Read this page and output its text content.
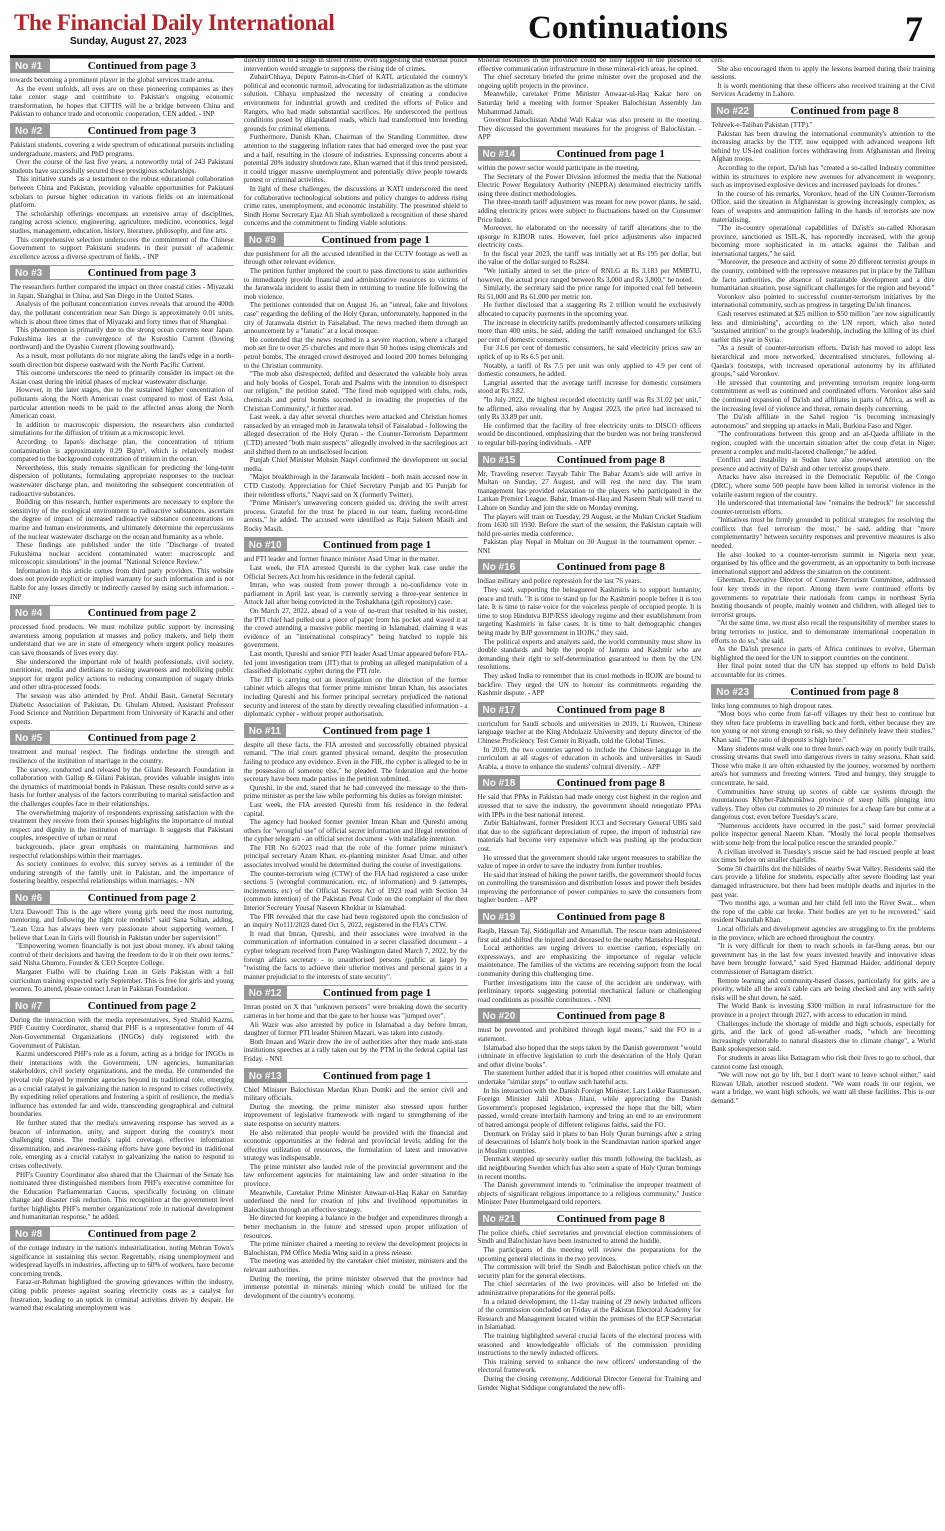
The Financial Daily International
Sunday, August 27, 2023	Continuations	7
No #1	Continued from page 3

towards becoming a prominent player in the global services trade arena.

As the event unfolds, all eyes are on these pioneering companies as they take center stage and contribute to Pakistan's ongoing economic transformation, he hopes that CIFTIS will be a bridge between China and Pakistan to enhance trade and economic cooperation, CEN added. - INP

No #2	Continued from page 3

Pakistani students, covering a wide spectrum of educational pursuits including undergraduate, masters, and PhD programs.

Over the course of the last five years, a noteworthy total of 243 Pakistani students have successfully secured these prestigious scholarships.

This initiative stands as a testament to the robust educational collaboration between China and Pakistan, providing valuable opportunities for Pakistani scholars to pursue higher education in various fields on an international platform.

The scholarship offerings encompass an extensive array of disciplines, ranging across science, engineering, agriculture, medicine, economics, legal studies, management, education, history, literature, philosophy, and fine arts.

This comprehensive selection underscores the commitment of the Chinese Government to support Pakistani students in their pursuit of academic excellence across a diverse spectrum of fields. - INP

No #3	Continued from page 3

The researchers further compared the impact on three coastal cities - Miyazaki in Japan, Shanghai in China, and San Diego in the United States.

Analysis of the pollutant concentration curves reveals that around the 400th day, the pollutant concentration near San Diego is approximately 0.01 units, which is about three times that of Miyazaki and forty times that of Shanghai.

This phenomenon is primarily due to the strong ocean currents near Japan. Fukushima lies at the convergence of the Kuroshio Current (flowing northward) and the Oyashio Current (flowing southward).

As a result, most pollutants do not migrate along the land's edge in a north-south direction but disperse eastward with the North Pacific Current.

This outcome underscores the need to primarily consider its impact on the Asian coast during the initial phases of nuclear wastewater discharge.

However, in the later stages, due to the sustained higher concentration of pollutants along the North American coast compared to most of East Asia, particular attention needs to be paid to the affected areas along the North American coast.

In addition to macroscopic dispersion, the researchers also conducted simulations for the diffusion of tritium at a microscopic level.

According to Japan's discharge plan, the concentration of tritium contamination is approximately 0.29 Bq/m³, which is relatively modest compared to the background concentration of tritium in the ocean.

Nevertheless, this study remains significant for predicting the long-term dispersion of pollutants, formulating appropriate responses to the nuclear wastewater discharge plan, and monitoring the subsequent concentration of radioactive substances.

Building on this research, further experiments are necessary to explore the sensitivity of the ecological environment to radioactive substances, ascertain the degree of impact of increased radioactive substance concentrations on marine and human environments, and ultimately determine the repercussions of the nuclear wastewater discharge on the ocean and humanity as a whole.

These findings are published under the title "Discharge of treated Fukushima nuclear accident contaminated water: macroscopic and microscopic simulations" in the journal "National Science Review."

Information in this article comes from third party providers. This website does not provide explicit or implied warranty for such information and is not liable for any losses directly or indirectly caused by using such information. - INP

No #4	Continued from page 2

processed food products. We must mobilize public support by increasing awareness among population at masses and policy makers, and help them understand that we are in state of emergency where urgent policy measures can save thousands of lives every day.

She underscored the important role of health professionals, civil society, nutritionist, media and dietitians to raising awareness and mobilizing public support for urgent policy actions to reducing consumption of sugary drinks and other ultra-processed foods.

The session was also attended by Prof. Abdul Basit, General Secretary Diabetic Association of Pakistan, Dr. Ghulam Ahmed, Assistant Professor Food Science and Nutrition Department from University of Karachi and other experts.

No #5	Continued from page 2

treatment and mutual respect. The findings underline the strength and resilience of the institution of marriage in the country.

The survey, conducted and released by the Gilani Research Foundation in collaboration with Gallup & Gilani Pakistan, provides valuable insights into the dynamics of matrimonial bonds in Pakistan. These results could serve as a basis for further analysis of the factors contributing to marital satisfaction and the challenges couples face in their relationships.

The overwhelming majority of respondents expressing satisfaction with the treatment they receive from their spouses highlights the importance of mutual respect and dignity in the institution of marriage. It suggests that Pakistani couples, irrespective of urban or rural

backgrounds, place great emphasis on maintaining harmonious and respectful relationships within their marriages.

As society continues to evolve, this survey serves as a reminder of the enduring strength of the family unit in Pakistan, and the importance of fostering healthy, respectful relationships within marriages. - NN

No #6	Continued from page 2

Uzra Dawood! This is the age where young girls need the most nurturing, mentoring, and following the right role models!" said Sana Sultan, adding, "Lean Uzra has always been very passionate about supporting women, I believe that Lean In Girls will flourish in Pakistan under her supervision!"

"Empowering women financially is not just about money, it's about taking control of their decisions and having the freedom to do it on their own terms," said Nisha Ghumro, Founder & CEO Sceptre College.

Margaret Fialho will be chairing Lean in Girls Pakistan with a full curriculum training expected early September. This is free for girls and young women. To attend, please contact Lean in Pakistan Foundation.

No #7	Continued from page 2

During the interaction with the media representatives, Syed Shahid Kazmi, PHF Country Coordinator, shared that PHF is a representative forum of 44 Non-Governmental Organizations (INGOs) duly registered with the Government of Pakistan.

Kazmi underscored PHF's role as a forum, acting as a bridge for INGOs in their interactions with the Government, UN agencies, humanitarian stakeholders, civil society organizations, and the media. He commended the pivotal role played by member agencies beyond its traditional role, emerging as a crucial catalyst in galvanizing the nation to respond to crises collectively. By expediting relief operations and fostering a spirit of resilience, the media's influence has extended far and wide, transcending geographical and cultural boundaries.

He further stated that the media's unwavering response has served as a beacon of information, unity, and support during the country's most challenging times. The media's rapid coverage, effective information dissemination, and awareness-raising efforts have gone beyond its traditional role, emerging as a crucial catalyst in galvanizing the nation to respond to crises collectively.

PHF's Country Coordinator also shared that the Chairman of the Senate has nominated three distinguished members from PHF's executive committee for the Education Parliamentarian Caucus, specifically focusing on climate change and disaster risk reduction. This recognition at the government level further highlights PHF's member organizations' role in national development and humanitarian response," he added.

No #8	Continued from page 2

of the cottage industry in the nation's industrialization, noting Mehran Town's significance in sustaining this sector. Regrettably, rising unemployment and widespread layoffs in industries, affecting up to 60% of workers, have become concerning trends.

Faraz-ur-Rehman highlighted the growing grievances within the industry, citing public protests against soaring electricity costs as a catalyst for frustration, leading to an uptick in criminal activities driven by despair. He warned that escalating unemployment was

directly linked to a surge in street crime, even suggesting that external police intervention would struggle to suppress the rising tide of crimes.

ZubairChhaya, Deputy Patron-in-Chief of KATI, articulated the country's political and economic turmoil, advocating for industrialization as the ultimate solution. Chhaya emphasized the necessity of creating a conducive environment for industrial growth and credited the efforts of Police and Rangers, who had made substantial sacrifices. He underscored the perilous conditions posed by dilapidated roads, which had transformed into breeding grounds for criminal elements.

Furthermore, Danish Khan, Chairman of the Standing Committee, drew attention to the staggering inflation rates that had emerged over the past year and a half, resulting in the closure of industries. Expressing concerns about a potential 20% industry shutdown rate, Khan warned that if this trend persisted, it could trigger massive unemployment and potentially drive people towards protest or criminal activities.

In light of these challenges, the discussions at KATI underscored the need for collaborative technological solutions and policy changes to address rising crime rates, unemployment, and economic instability. The presented shield to Sindh Home Secretary Ejaz Ali Shah symbolized a recognition of these shared concerns and the commitment to finding viable solutions.

No #9	Continued from page 1

due punishment for all the accused identified in the CCTV footage as well as through other relevant evidence.

The petition further implored the court to pass directions to state authorities to immediately provide financial and administrative resources to victims of the Jaranwala incident to assist them in returning to routine life following the mob violence.

The petitioner contended that on August 16, an "unreal, fake and frivolous case" regarding the defiling of the Holy Quran, unfortunately, happened in the city of Jaranwala district in Faisalabad. The news reached them through an announcement by a "fanatic" at a local mosque.

He contended that the news resulted in a severe reaction, where a charged mob set fire to over 25 churches and more than 50 homes using chemicals and petrol bombs. The enraged crowd destroyed and looted 200 homes belonging to the Christian community.

"The mob also disrespected, defiled and desecrated the valuable holy areas and holy books of Gospel, Torah and Psalms with the intention to disrespect our religion," the petition stated. "The fired mob equipped with clubs, rods, chemicals and petrol bombs succeeded in invading the properties of the Christian Community," it further read.

Last week, a day after several churches were attacked and Christian homes ransacked by an enraged mob in Jaranwala tehsil of Faisalabad - following the alleged desecration of the Holy Quran - the Counter-Terrorism Department (CTD) arrested "both main suspects" allegedly involved in the sacrilegious act and shifted them to an undisclosed location.

Punjab Chief Minister Mohsin Naqvi confirmed the development on social media.

"Major breakthrough in the Jaranwala Incident - both main accused now in CTD Custody. Appreciation for Chief Secretary Punjab and IG Punjab for their relentless efforts," Naqvi said on X (formerly Twitter).

"Prime Minister's unwavering concern guided us, driving the swift arrest process. Grateful for the trust he placed in our team, fueling record-time arrests," he added. The accused were identified as Raja Saleem Masih and Rocky Masih.

No #10	Continued from page 1

and PTI leader and former finance minister Asad Umar in the matter.

Last week, the FIA arrested Qureshi in the cypher leak case under the Official Secrets Act from his residence in the federal capital.

Imran, who was ousted from power through a no-confidence vote in parliament in April last year, is currently serving a three-year sentence in Attock Jail after being convicted in the Toshakhana (gift repository) case.

On March 27, 2022, ahead of a vote of no-trust that resulted in his ouster, the PTI chief had pulled out a piece of paper from his pocket and waved it at the crowd attending a massive public meeting in Islamabad, claiming it was evidence of an "international conspiracy" being hatched to topple his government.

Last month, Qureshi and senior PTI leader Asad Umar appeared before FIA-led joint investigation team (JIT) that is probing an alleged manipulation of a classified diplomatic cypher during the PTI rule.

The JIT is carrying out an investigation on the direction of the former cabinet which alleges that former prime minister Imran Khan, his associates including Qureshi and his former principal secretary prejudiced the national security and interest of the state by directly revealing classified information - a diplomatic cypher - without proper authorisation.

No #11	Continued from page 1

despite all these facts, the FIA arrested and successfully obtained physical remand. "The trial court granted physical remand, despite the prosecution failing to produce any evidence. Even in the FIR, the cypher is alleged to be in the possession of someone else," he pleaded. The federation and the home secretary have been made parties in the petition submitted.

Qureshi, in the end, stated that he had conveyed the message to the then-prime minister as per the law while performing his duties as foreign minister.

Last week, the FIA arrested Qureshi from his residence in the federal capital.

The agency had booked former premier Imran Khan and Qureshi among others for "wrongful use" of official secret information and illegal retention of the cypher telegram - an official secret document - with malafide intention.

The FIR No 6/2023 read that the role of the former prime minister's principal secretary Azam Khan, ex-planning minister Asad Umar, and other associates involved would be determined during the course of investigations.

The counter-terrorism wing (CTW) of the FIA had registered a case under sections 5 (wrongful communication, etc, of information) and 9 (attempts, incitements, etc) of the Official Secrets Act of 1923 read with Section 34 (common intention) of the Pakistan Penal Code on the complaint of the then Interior Secretary Yousaf Naseem Khokhar in Islamabad.

The FIR revealed that the case had been registered upon the conclusion of an inquiry No111/2023 dated Oct 5, 2022, registered in the FIA's CTW.

It read that Imran, Qureshi, and their associates were involved in the communication of information contained in a secret classified document - a cypher telegram received from Parep Washington dated March 7, 2022, by the foreign affairs secretary - to unauthorised persons (public at large) by "twisting the facts to achieve their ulterior motives and personal gains in a manner prejudicial to the interests of state security".

No #12	Continued from page 1

Imran posted on X that "unknown persons" were breaking down the security cameras in her home and that the gate to her house was "jumped over".

Ali Wazir was also arrested by police in Islamabad a day before Imran, daughter of former PTI leader Shireen Mazari, was taken into custody.

Both Imaan and Wazir drew the ire of authorities after they made anti-state institutions speeches at a rally taken out by the PTM in the federal capital last Friday. - NNI

No #13	Continued from page 1

Chief Minister Balochistan Mardan Khan Domki and the senior civil and military officials.

During the meeting, the prime minister also stressed upon further improvement of legislative framework with regard to strengthening of the state response on security matters.

He also reiterated that people would be provided with the financial and economic opportunities at the federal and provincial levels, adding for the effective utilization of resources, the formulation of latest and innovative strategy was indispensable.

The prime minister also lauded role of the provincial government and the law enforcement agencies for maintaining law and order situation in the province.

Meanwhile, Caretaker Prime Minister Anwaar-ul-Haq Kakar on Saturday underlined the need for creation of jobs and livelihood opportunities in Balochistan through an effective strategy.

He directed for keeping a balance in the budget and expenditures through a better mechanism in the future and stressed upon proper utilization of resources.

The prime minister chaired a meeting to review the development projects in Balochistan, PM Office Media Wing said in a press release.

The meeting was attended by the caretaker chief minister, ministers and the relevant authorities.

During the meeting, the prime minister observed that the province had immense potential in minerals mining which could be utilized for the development of the country's economy.

Mineral resources in the province could be fully tapped in the presence of effective communication infrastructure in those mineral-rich areas, he opined.

The chief secretary briefed the prime minister over the proposed and the ongoing uplift projects in the province.

Meanwhile, caretaker Prime Minister Anwaar-ul-Haq Kakar here on Saturday held a meeting with former Speaker Balochistan Assembly Jan Muhammad Jamali.

Governor Balochistan Abdul Wali Kakar was also present in the meeting. They discussed the government measures for the progress of Balochistan. - APP

No #14	Continued from page 1

within the power sector would participate in the meeting.

The Secretary of the Power Division informed the media that the National Electric Power Regulatory Authority (NEPRA) determined electricity tariffs using three distinct methodologies.

The three-month tariff adjustment was meant for new power plants, he said, adding electricity prices were subject to fluctuations based on the Consumer Price Index.

Moreover, he elaborated on the necessity of tariff alterations due to the upsurge in KIBOR rates. However, fuel price adjustments also impacted electricity costs.

In the fiscal year 2023, the tariff was initially set at Rs 195 per dollar, but the value of the dollar surged to Rs284.

"We initially aimed to set the price of RNLG at Rs 3,183 per MMBTU, however, the actual price ranged between Rs 3,000 and Rs 3,800," he noted.

Similarly, the secretary said the price range for imported coal fell between Rs 51,000 and Rs 61,000 per metric ton.

He further disclosed that a staggering Rs 2 trillion would be exclusively allocated to capacity payments in the upcoming year.

The increase in electricity tariffs predominantly affected consumers utilizing more than 400 units, he said, adding the tariff remained unchanged for 63.5 per cent of domestic consumers.

For 31.6 per cent of domestic consumers, he said electricity prices saw an uptick of up to Rs 6.5 per unit.

Notably, a tariff of Rs 7.5 per unit was only applied to 4.9 per cent of domestic consumers, he added.

Langrial asserted that the average tariff increase for domestic consumers stood at Rs 3.82.

"In July 2022, the highest recorded electricity tariff was Rs 31.02 per unit," he affirmed, also revealing that by August 2023, the price had increased to only Rs 33.89 per unit.

He confirmed that the facility of free electricity units to DISCO officers would be discontinued, emphasizing that the burden was not being transferred to regular bill-paying individuals. - APP

No #15	Continued from page 8

Mr. Traveling reserve: Tayyab Tahir The Babar Azam's side will arrive in Multan on Sunday, 27 August, and will rest the next day. The team management has provided relaxation to the players who participated in the Lankan Premier League. Babar, Imam-ul-Haq and Naseem Shah will travel to Lahore on Sunday and join the side on Monday evening.

The players will train on Tuesday, 29 August, at the Multan Cricket Stadium from 1630 till 1930. Before the start of the session, the Pakistan captain will hold pre-series media conference.

Pakistan play Nepal in Multan on 30 August in the tournament opener. - NNI

No #16	Continued from page 8

Indian military and police repression for the last 76 years.

They said, supporting the beleaguered Kashmiris is to support humanity, peace and truth. "It is time to stand up for the Kashmiri people before it is too late. It is time to raise voice for the voiceless people of occupied people. It is time to stop Hindutva BJP/RSS ideology regime and their establishment from targeting Kashmiris in false cases. It is time to halt demographic changes being made by BJP government in IIOJK," they said.

The political experts and analysts said, the world community must show its double standards and help the people of Jammu and Kashmir who are demanding their right to self-determination guaranteed to them by the UN resolutions.

They asked India to remember that its cruel methods in IIOJK are bound to backfire. They urged the UN to honour its commitments regarding the Kashmir dispute. - APP

No #17	Continued from page 8

curriculum for Saudi schools and universities in 2019, Li Ruowen, Chinese language teacher at the King Abdulaziz University and deputy director of the Chinese Proficiency Test Center in Riyadh, told the Global Times.

In 2019, the two countries agreed to include the Chinese language in the curriculum at all stages of education in schools and universities in Saudi Arabia, a move to enhance the students' cultural diversity. - APP

No #18	Continued from page 8

He said that PPAs in Pakistan had made energy cost highest in the region and stressed that to save the industry, the government should renegotiate PPAs with IPPs in the best national interest.

Zubir Baltiahwani, former President ICCI and Secretary General UBG said that due to the significant depreciation of rupee, the import of industrial raw materials had become very expensive which was pushing up the production cost.

He stressed that the government should take urgent measures to stabilize the value of rupee in order to save the industry from further troubles.

He said that instead of hiking the power tariffs, the government should focus on controlling the transmission and distribution losses and power theft besides improving the performance of power companies to save the consumers from higher burden. - APP

No #19	Continued from page 8

Raqib, Hassan Taj, Siddiqullah and Amanullah. The rescue team administered first aid and shifted the injured and deceased to the nearby Mansehra Hospital.

Local authorities are urging drivers to exercise caution, especially on expressways, and are emphasizing the importance of regular vehicle maintenance. The families of the victims are receiving support from the local community during this challenging time.

Further investigations into the cause of the accident are underway, with preliminary reports suggesting potential mechanical failure or challenging road conditions as possible contributors. - NNI

No #20	Continued from page 8

must be prevented and prohibited through legal means," said the FO in a statement.

Islamabad also hoped that the steps taken by the Danish government "would culminate in effective legislation to curb the desecration of the Holy Quran and other divine books".

The statement further added that it is hoped other countries will emulate and undertake "similar steps" to outlaw such hateful acts.

In his interaction with the Danish Foreign Minister, Lars Lokke Rasmussen, Foreign Minister Jalil Abbas Jilani, while appreciating the Danish Government's proposed legislation, expressed the hope that the bill, when passed, would create interfaith harmony and bring an end to an environment of hatred amongst people of different religious faiths, said the FO.

Denmark on Friday said it plans to ban Holy Quran burnings after a string of desecrations of Islam's holy book in the Scandinavian nation sparked anger in Muslim countries.

Denmark stepped up security earlier this month following the backlash, as did neighbouring Sweden which has also seen a spate of Holy Quran burnings in recent months.

The Danish government intends to "criminalise the improper treatment of objects of significant religious importance to a religious community," Justice Minister Peter Hummelgaard told reporters.

No #21	Continued from page 8

The police chiefs, chief secretaries and provincial election commissioners of Sindh and Balochistan have been instructed to attend the huddle.

The participants of the meeting will review the preparations for the upcoming general elections in the two provinces.

The commission will brief the Sindh and Balochistan police chiefs on the security plan for the general elections.

The chief secretaries of the two provinces will also be briefed on the administrative preparations for the general polls.

In a related development, the 11-day training of 29 newly inducted officers of the commission concluded on Friday at the Pakistan Electoral Academy for Research and Management located within the premises of the ECP Secretariat in Islamabad.

The training highlighted several crucial facets of the electoral process with seasoned and knowledgeable officials of the commission providing instructions to the newly inducted officers.

This training served to enhance the new officers' understanding of the electoral framework.

During the closing ceremony, Additional Director General for Training and Gender Nighat Siddique congratulated the new offi-

cers.

She also encouraged them to apply the lessons learned during their training sessions.

It is worth mentioning that these officers also received training at the Civil Services Academy in Lahore.

No #22	Continued from page 8

Tehreek-e-Taliban Pakistan (TTP)."

Pakistan has been drawing the international community's attention to the increasing attacks by the TTP, now equipped with advanced weapons left behind by US-led coalition forces withdrawing from Afghanistan and fleeing Afghan troops.

According to the report, Da'ish has "created a so-called Industry committee within its structures to explore new avenues for advancement in weaponry, such as improvised explosive devices and increased payloads for drones."

In the course of his remarks, Voronkov, head of the UN Counter-Terrorism Office, said the situation in Afghanistan is growing increasingly complex, as fears of weapons and ammunition falling in the hands of terrorists are now materialising.

"The in-country operational capabilities of Da'ish's so-called Khorasan province, sanctioned as ISIL-K, has reportedly increased, with the group becoming more sophisticated in its attacks against the Taliban and international targets," he said.

"Moreover, the presence and activity of some 20 different terrorist groups in the country, combined with the repressive measures put in place by the Taliban de facto authorities, the absence of sustainable development and a dire humanitarian situation, pose significant challenges for the region and beyond."

Voronkov also pointed to successful counter-terrorism initiatives by the international community, such as progress in targeting Da'ish finances.

Cash reserves estimated at $25 million to $50 million "are now significantly less and diminishing", according to the UN report, which also noted "sustained attrition" to the group's leadership, including the killing of its chief earlier this year in Syria.

"As a result of counter-terrorism efforts, Da'ish has moved to adopt less hierarchical and more networked, decentralised structures, following al-Qaeda's footsteps, with increased operational autonomy by its affiliated groups," said Voronkov.

He stressed that countering and preventing terrorism require long-term commitment as well as continued and coordinated efforts. Voronkov also said the continued expansion of Da'ish and affiliates in parts of Africa, as well as the increasing level of violence and threat, remain deeply concerning.

The Da'ish affiliate in the Sahel region "is becoming increasingly autonomous" and stepping up attacks in Mali, Burkina Faso and Niger.

"The confrontations between this group and an al-Qaeda affiliate in the region, coupled with the uncertain situation after the coup d'etat in Niger, present a complex and multi-faceted challenge," he added.

Conflict and instability in Sudan have also renewed attention on the presence and activity of Da'ish and other terrorist groups there.

Attacks have also increased in the Democratic Republic of the Congo (DRC), where some 500 people have been killed in terrorist violence in the volatile eastern region of the country.

He underscored that international law "remains the bedrock" for successful counter-terrorism efforts.

"Initiatives must be firmly grounded in political strategies for resolving the conflicts that fuel terrorism the most," he said, adding that "more complementarity" between security responses and preventive measures is also needed.

He also looked to a counter-terrorism summit in Nigeria next year, organised by his office and the government, as an opportunity to both increase international support and address the situation on the continent.

Gherman, Executive Director of Counter-Terrorism Committee, addressed four key trends in the report. Among them were continued efforts by governments to repatriate their nationals from camps in northeast Syria hosting thousands of people, mainly women and children, with alleged ties to terrorist groups.

"At the same time, we must also recall the responsibility of member states to bring terrorists to justice, and to demonstrate international cooperation in efforts to do so," she said.

As the Da'ish presence in parts of Africa continues to evolve, Gherman highlighted the need for the UN to support countries on the continent.

Her final point noted that the UN has stepped up efforts to hold Da'ish accountable for its crimes.

No #23	Continued from page 8

links long commutes to high dropout rates.

"Most boys who come from far-off villages try their best to continue but they often face problems in travelling back and forth, either because they are too young or not strong enough to risk, so they definitely leave their studies," Khan said. "The ratio of dropouts is high here."

Many students must walk one to three hours each way on poorly built trails, crossing streams that swell into dangerous rivers in rainy seasons, Khan said. Those who make it are often exhausted by the journey, worsened by northern area's hot summers and freezing winters. Tired and hungry, they struggle to concentrate, he said.

Communities have strung up scores of cable car systems through the mountainous Khyber-Pakhtunkhwa province of steep hills plunging into valleys. They often cut commutes to 20 minutes for a cheap fare but come at a dangerous cost, even before Tuesday's scare.

"Numerous accidents have occurred in the past," said former provincial police inspector general Naeem Khan. "Mostly the local people themselves with some help from the local police rescue the stranded people."

A civilian involved in Tuesday's rescue said he had rescued people at least six times before on smaller chairlifts.

Some 50 chairlifts dot the hillsides of nearby Swat Valley. Residents said the cars provide a lifeline for students, especially after severe flooding last year damaged infrastructure, but there had been multiple deaths and injuries in the past year.

"Two months ago, a woman and her child fell into the River Swat... when the rope of the cable car broke. Their bodies are yet to be recovered," said resident Nasrullah Khan.

Local officials and development agencies are struggling to fix the problems in the province, which are echoed throughout the country.

"It is very difficult for them to reach schools in far-flung areas, but our government has in the last few years invested heavily and innovative ideas have been brought forward," said Syed Hammad Haider, additional deputy commissioner of Battagram district.

Remote learning and community-based classes, particularly for girls, are a priority, while all the area's cable cars are being checked and any with safety risks will be shut down, he said.

The World Bank is investing $300 million in rural infrastructure for the province in a project through 2027, with access to education in mind.

Challenges include the shortage of middle and high schools, especially for girls, and the lack of good all-weather roads, "which are becoming increasingly vulnerable to natural disasters due to climate change", a World Bank spokesperson said.

For students in areas like Battagram who risk their lives to go to school, that cannot come fast enough.

"We will now not go by lift, but I don't want to leave school either," said Rizwan Ullah, another rescued student. "We want roads in our region, we want a bridge, we want high schools, we want all these facilities. This is our demand."
